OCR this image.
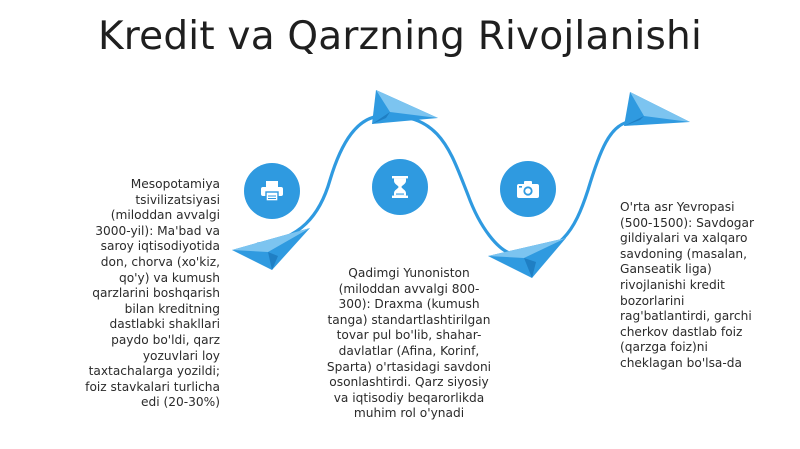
Kredit va Qarzning Rivojlanishi
Mesopotamiya
tsivilizatsiyasi
(miloddan avvalgi
3000-yil): Ma'bad va
saroy iqtisodiyotida
don, chorva (xo'kiz,
qo'y) va kumush
qarzlarini boshqarish
bilan kreditning
dastlabki shakllari
paydo bo'ldi, qarz
yozuvlari loy
taxtachalarga yozildi;
foiz stavkalari turlicha
edi (20-30%)
Qadimgi Yunoniston
(miloddan avvalgi 800-
300): Draxma (kumush
tanga) standartlashtirilgan
tovar pul bo'lib, shahar-
davlatlar (Afina, Korinf,
Sparta) o'rtasidagi savdoni
osonlashtirdi. Qarz siyosiy
va iqtisodiy beqarorlikda
muhim rol o'ynadi
O'rta asr Yevropasi
(500-1500): Savdogar
gildiyalari va xalqaro
savdoning (masalan,
Ganseatik liga)
rivojlanishi kredit
bozorlarini
rag'batlantirdi, garchi
cherkov dastlab foiz
(qarzga foiz)ni
cheklagan bo'lsa-da
